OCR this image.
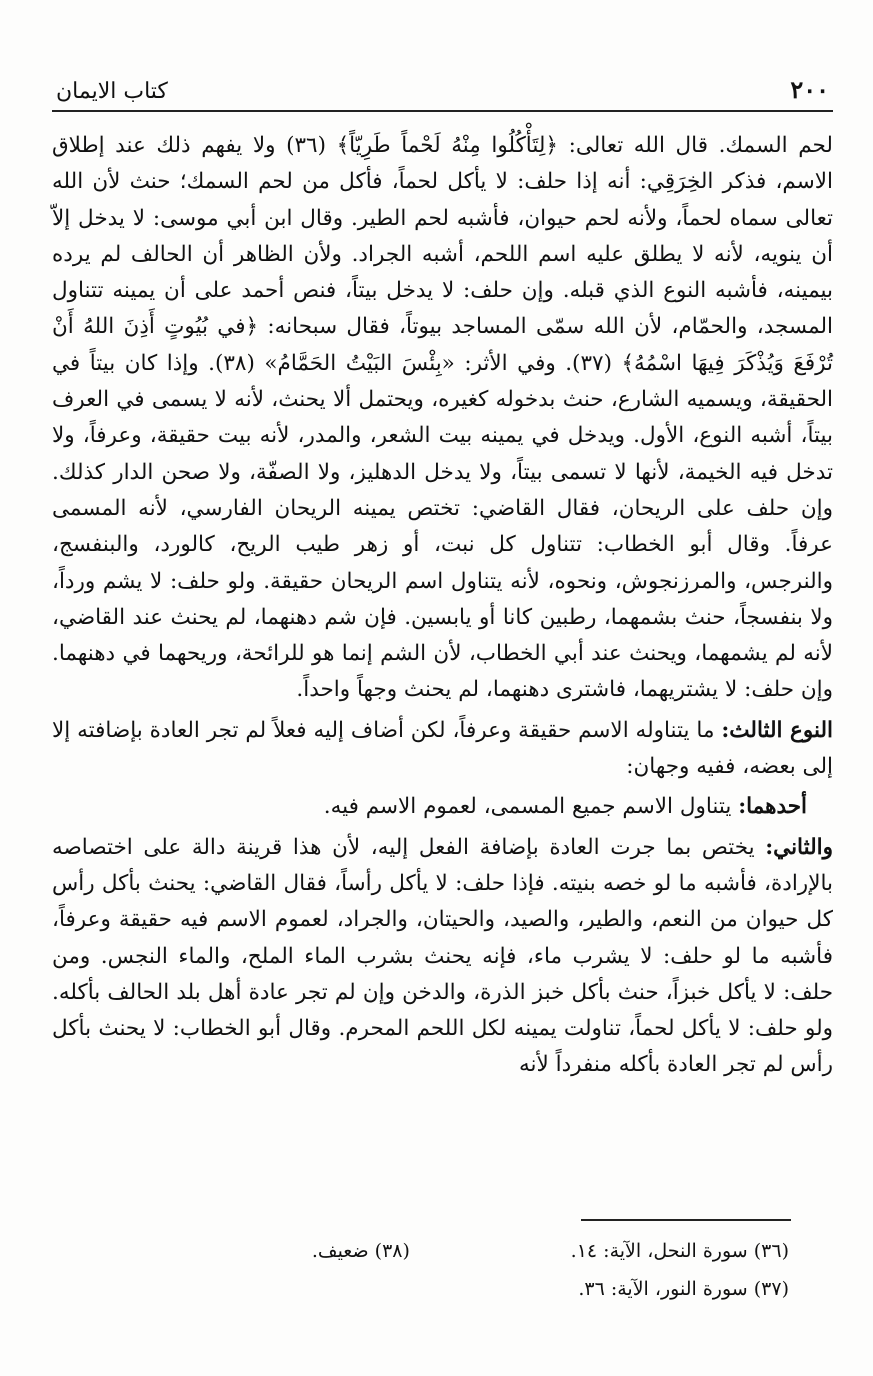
٢٠٠
كتاب الايمان

لحم السمك. قال الله تعالى: ﴿لِتَأْكُلُوا مِنْهُ لَحْماً طَرِيّاً﴾ (٣٦) ولا يفهم ذلك عند إطلاق الاسم، فذكر الخِرَقِي: أنه إذا حلف: لا يأكل لحماً، فأكل من لحم السمك؛ حنث لأن الله تعالى سماه لحماً، ولأنه لحم حيوان، فأشبه لحم الطير. وقال ابن أبي موسى: لا يدخل إلاّ أن ينويه، لأنه لا يطلق عليه اسم اللحم، أشبه الجراد. ولأن الظاهر أن الحالف لم يرده بيمينه، فأشبه النوع الذي قبله. وإن حلف: لا يدخل بيتاً، فنص أحمد على أن يمينه تتناول المسجد، والحمّام، لأن الله سمّى المساجد بيوتاً، فقال سبحانه: ﴿في بُيُوتٍ أَذِنَ اللهُ أَنْ تُرْفَعَ وَيُذْكَرَ فِيهَا اسْمُهُ﴾ (٣٧). وفي الأثر: «بِئْسَ البَيْتُ الحَمَّامُ» (٣٨). وإذا كان بيتاً في الحقيقة، ويسميه الشارع، حنث بدخوله كغيره، ويحتمل ألا يحنث، لأنه لا يسمى في العرف بيتاً، أشبه النوع، الأول. ويدخل في يمينه بيت الشعر، والمدر، لأنه بيت حقيقة، وعرفاً، ولا تدخل فيه الخيمة، لأنها لا تسمى بيتاً، ولا يدخل الدهليز، ولا الصفّة، ولا صحن الدار كذلك. وإن حلف على الريحان، فقال القاضي: تختص يمينه الريحان الفارسي، لأنه المسمى عرفاً. وقال أبو الخطاب: تتناول كل نبت، أو زهر طيب الريح، كالورد، والبنفسج، والنرجس، والمرزنجوش، ونحوه، لأنه يتناول اسم الريحان حقيقة. ولو حلف: لا يشم ورداً، ولا بنفسجاً، حنث بشمهما، رطبين كانا أو يابسين. فإن شم دهنهما، لم يحنث عند القاضي، لأنه لم يشمهما، ويحنث عند أبي الخطاب، لأن الشم إنما هو للرائحة، وريحهما في دهنهما. وإن حلف: لا يشتريهما، فاشترى دهنهما، لم يحنث وجهاً واحداً.

النوع الثالث: ما يتناوله الاسم حقيقة وعرفاً، لكن أضاف إليه فعلاً لم تجر العادة بإضافته إلا إلى بعضه، ففيه وجهان:

أحدهما: يتناول الاسم جميع المسمى، لعموم الاسم فيه.

والثاني: يختص بما جرت العادة بإضافة الفعل إليه، لأن هذا قرينة دالة على اختصاصه بالإرادة، فأشبه ما لو خصه بنيته. فإذا حلف: لا يأكل رأساً، فقال القاضي: يحنث بأكل رأس كل حيوان من النعم، والطير، والصيد، والحيتان، والجراد، لعموم الاسم فيه حقيقة وعرفاً، فأشبه ما لو حلف: لا يشرب ماء، فإنه يحنث بشرب الماء الملح، والماء النجس. ومن حلف: لا يأكل خبزاً، حنث بأكل خبز الذرة، والدخن وإن لم تجر عادة أهل بلد الحالف بأكله. ولو حلف: لا يأكل لحماً، تناولت يمينه لكل اللحم المحرم. وقال أبو الخطاب: لا يحنث بأكل رأس لم تجر العادة بأكله منفرداً لأنه

(٣٦) سورة النحل، الآية: ١٤.
(٣٨) ضعيف.
(٣٧) سورة النور، الآية: ٣٦.
